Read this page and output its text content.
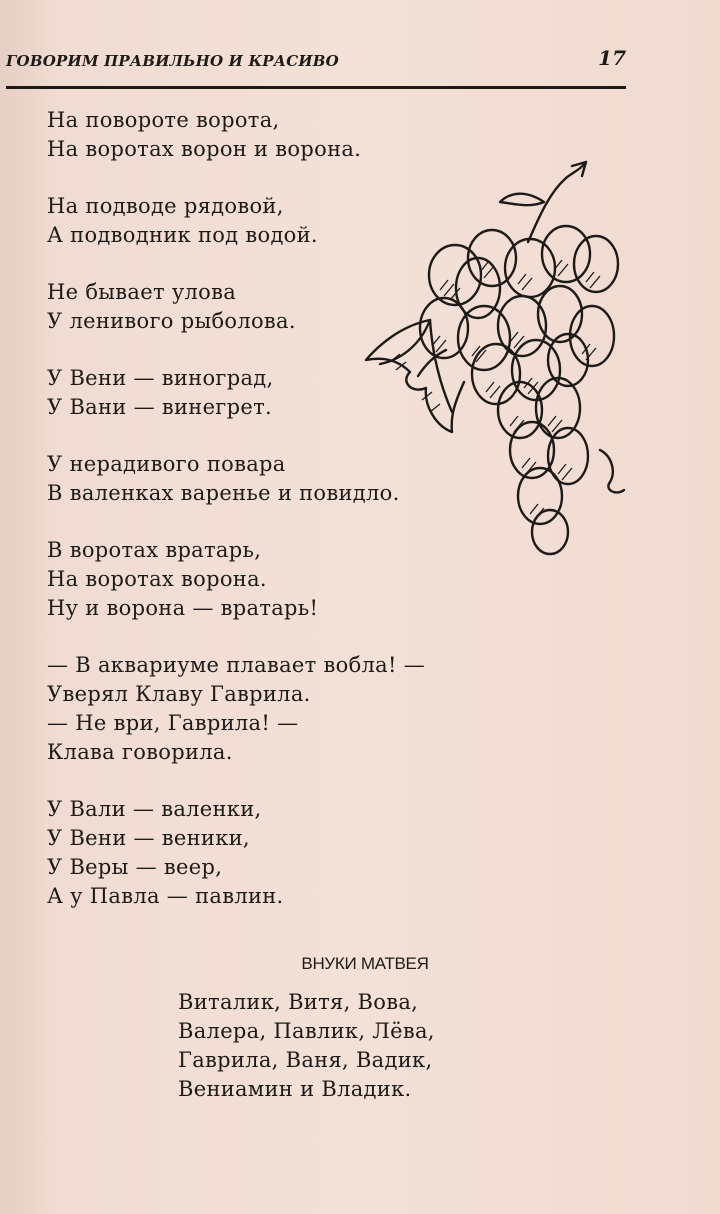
ГОВОРИМ ПРАВИЛЬНО И КРАСИВО	17
На повороте ворота,
На воротах ворон и ворона.
На подводе рядовой,
А подводник под водой.
Не бывает улова
У ленивого рыболова.
У Вени — виноград,
У Вани — винегрет.
У нерадивого повара
В валенках варенье и повидло.
В воротах вратарь,
На воротах ворона.
Ну и ворона — вратарь!
— В аквариуме плавает вобла! —
Уверял Клаву Гаврила.
— Не ври, Гаврила! —
Клава говорила.
У Вали — валенки,
У Вени — веники,
У Веры — веер,
А у Павла — павлин.
ВНУКИ МАТВЕЯ
Виталик, Витя, Вова,
Валера, Павлик, Лёва,
Гаврила, Ваня, Вадик,
Вениамин и Владик.
